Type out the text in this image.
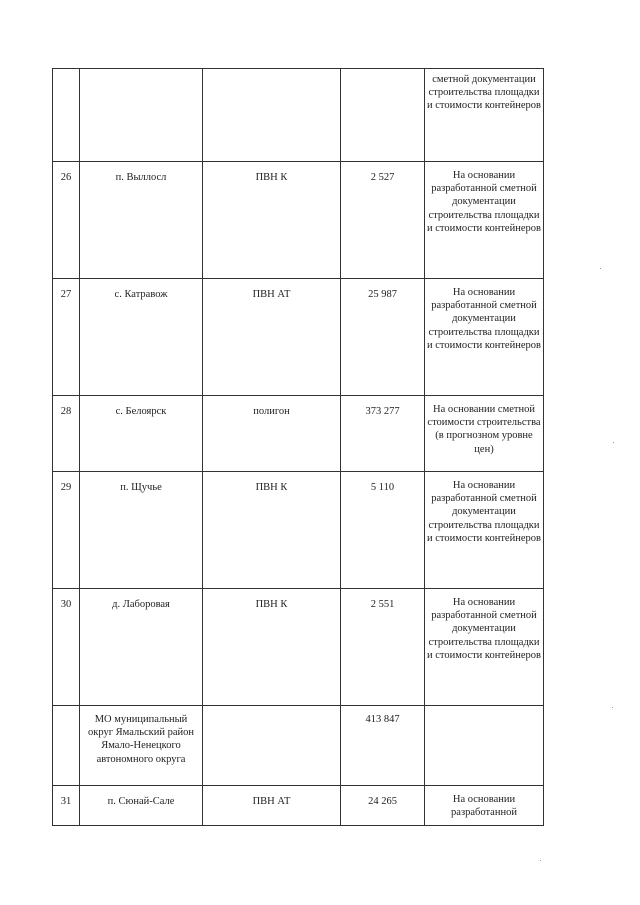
				сметной документации строительства площадки и стоимости контейнеров
26	п. Выллосл	ПВН К	2 527	На основании разработанной сметной документации строительства площадки и стоимости контейнеров
27	с. Катравож	ПВН АТ	25 987	На основании разработанной сметной документации строительства площадки и стоимости контейнеров
28	с. Белоярск	полигон	373 277	На основании сметной стоимости строительства (в прогнозном уровне цен)
29	п. Щучье	ПВН К	5 110	На основании разработанной сметной документации строительства площадки и стоимости контейнеров
30	д. Лаборовая	ПВН К	2 551	На основании разработанной сметной документации строительства площадки и стоимости контейнеров
	МО муниципальный округ Ямальский район Ямало-Ненецкого автономного округа		413 847	
31	п. Сюнай-Сале	ПВН АТ	24 265	На основании разработанной
